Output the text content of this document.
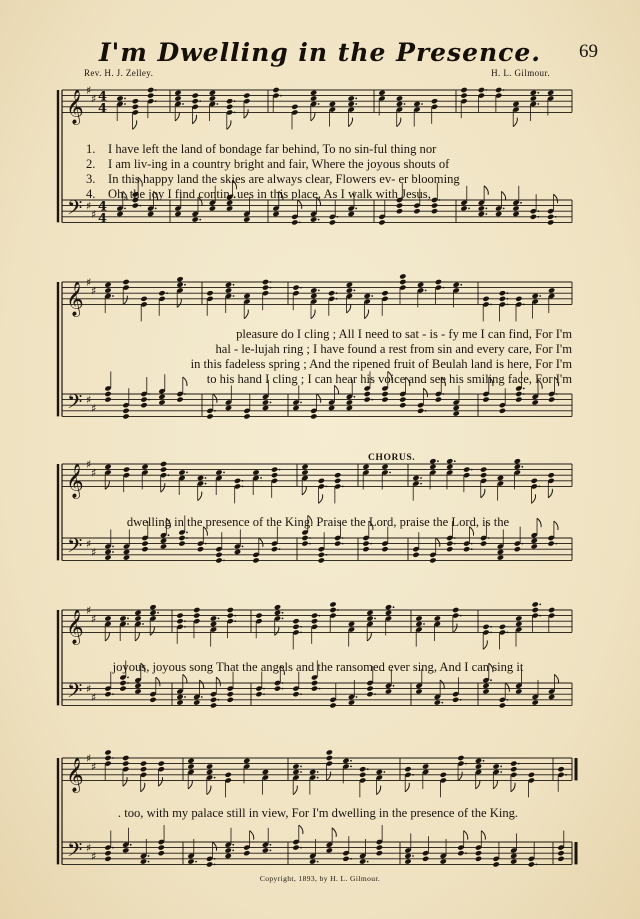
I'm Dwelling in the Presence.	69
Rev. H. J. Zelley.	H. L. Gilmour.
𝄞
𝄢
♯
♯
♯
♯
4
4
4
4
𝄞
𝄢
♯
♯
♯
♯
𝄞
𝄢
♯
♯
♯
♯
𝄞
𝄢
♯
♯
♯
♯
𝄞
𝄢
♯
♯
♯
♯
1. I have left the land of bondage far behind, To no sin-ful thing nor
2. I am liv-ing in a country bright and fair, Where the joyous shouts of
3. In this happy land the skies are always clear, Flowers ev- er blooming
4. Oh, the joy I find contin- ues in this place, As I walk with Jesus,
pleasure do I cling ; All I need to sat - is - fy me I can find, For I'm
hal - le-lujah ring ; I have found a rest from sin and every care, For I'm
in this fadeless spring ; And the ripened fruit of Beulah land is here, For I'm
to his hand I cling ; I can hear his voice and see his smiling face, For I'm
CHORUS.
dwelling in the presence of the King. Praise the Lord, praise the Lord, is the
joyous, joyous song That the angels and the ransomed ever sing, And I can sing it
. too, with my palace still in view, For I'm dwelling in the presence of the King.
Copyright, 1893, by H. L. Gilmour.
